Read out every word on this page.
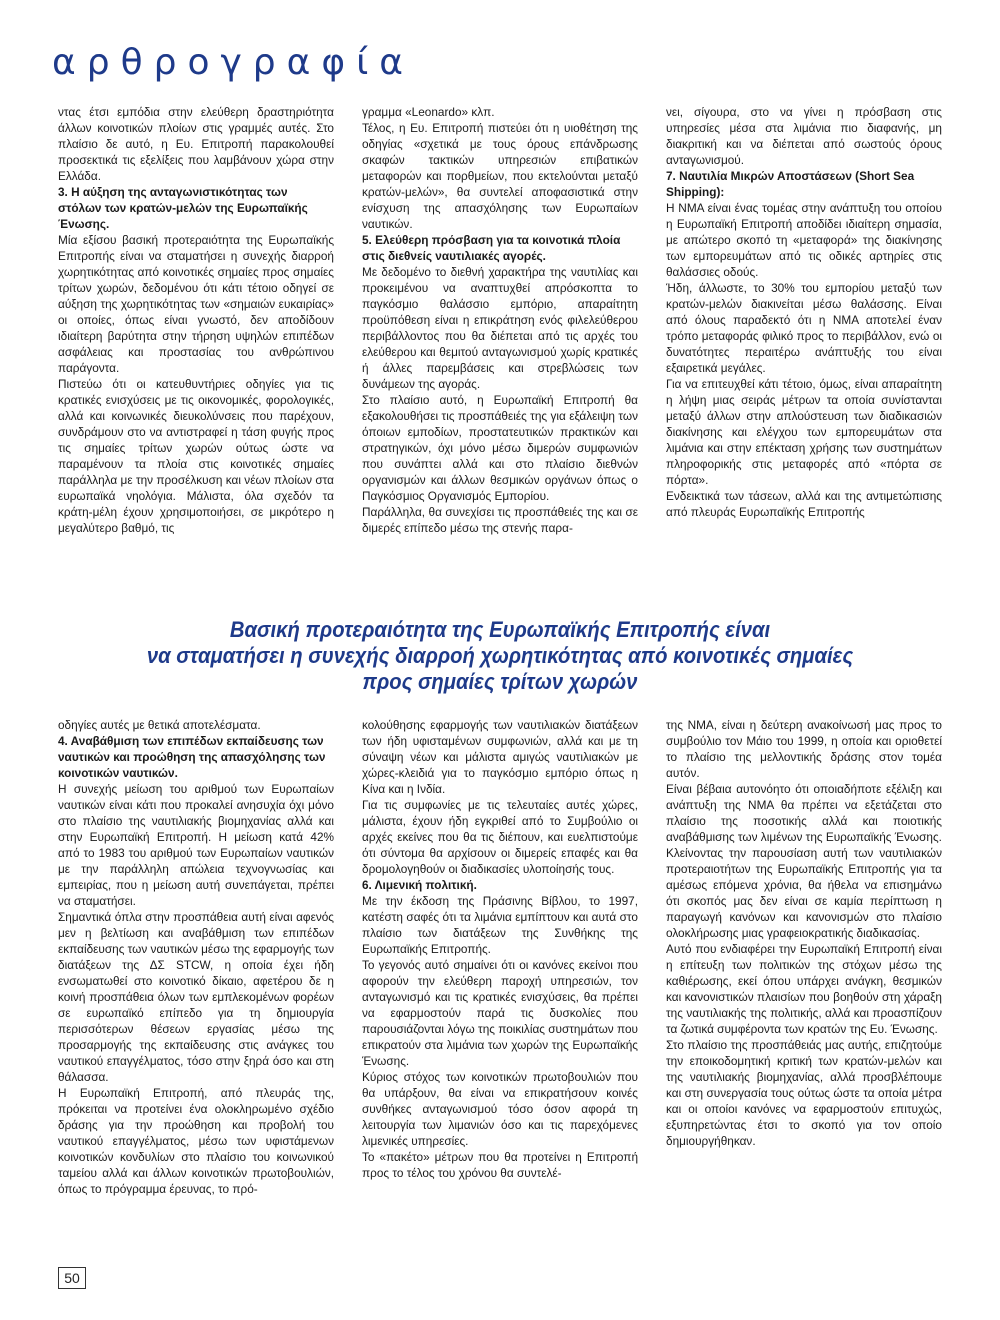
αρθρογραφία

ντας έτσι εμπόδια στην ελεύθερη δραστηριότητα άλλων κοινοτικών πλοίων στις γραμμές αυτές. Στο πλαίσιο δε αυτό, η Ευ. Επιτροπή παρακολουθεί προσεκτικά τις εξελίξεις που λαμβάνουν χώρα στην Ελλάδα.

3. Η αύξηση της ανταγωνιστικότητας των στόλων των κρατών-μελών της Ευρωπαϊκής Ένωσης.

Μία εξίσου βασική προτεραιότητα της Ευρωπαϊκής Επιτροπής είναι να σταματήσει η συνεχής διαρροή χωρητικότητας από κοινοτικές σημαίες προς σημαίες τρίτων χωρών, δεδομένου ότι κάτι τέτοιο οδηγεί σε αύξηση της χωρητικότητας των «σημαιών ευκαιρίας» οι οποίες, όπως είναι γνωστό, δεν αποδίδουν ιδιαίτερη βαρύτητα στην τήρηση υψηλών επιπέδων ασφάλειας και προστασίας του ανθρώπινου παράγοντα.

Πιστεύω ότι οι κατευθυντήριες οδηγίες για τις κρατικές ενισχύσεις με τις οικονομικές, φορολογικές, αλλά και κοινωνικές διευκολύνσεις που παρέχουν, συνδράμουν στο να αντιστραφεί η τάση φυγής προς τις σημαίες τρίτων χωρών ούτως ώστε να παραμένουν τα πλοία στις κοινοτικές σημαίες παράλληλα με την προσέλκυση και νέων πλοίων στα ευρωπαϊκά νηολόγια. Μάλιστα, όλα σχεδόν τα κράτη-μέλη έχουν χρησιμοποιήσει, σε μικρότερο η μεγαλύτερο βαθμό, τις

γραμμα «Leonardo» κλπ.

Τέλος, η Ευ. Επιτροπή πιστεύει ότι η υιοθέτηση της οδηγίας «σχετικά με τους όρους επάνδρωσης σκαφών τακτικών υπηρεσιών επιβατικών μεταφορών και πορθμείων, που εκτελούνται μεταξύ κρατών-μελών», θα συντελεί αποφασιστικά στην ενίσχυση της απασχόλησης των Ευρωπαίων ναυτικών.

5. Ελεύθερη πρόσβαση για τα κοινοτικά πλοία στις διεθνείς ναυτιλιακές αγορές.

Με δεδομένο το διεθνή χαρακτήρα της ναυτιλίας και προκειμένου να αναπτυχθεί απρόσκοπτα το παγκόσμιο θαλάσσιο εμπόριο, απαραίτητη προϋπόθεση είναι η επικράτηση ενός φιλελεύθερου περιβάλλοντος που θα διέπεται από τις αρχές του ελεύθερου και θεμιτού ανταγωνισμού χωρίς κρατικές ή άλλες παρεμβάσεις και στρεβλώσεις των δυνάμεων της αγοράς.

Στο πλαίσιο αυτό, η Ευρωπαϊκή Επιτροπή θα εξακολουθήσει τις προσπάθειές της για εξάλειψη των όποιων εμποδίων, προστατευτικών πρακτικών και στρατηγικών, όχι μόνο μέσω διμερών συμφωνιών που συνάπτει αλλά και στο πλαίσιο διεθνών οργανισμών και άλλων θεσμικών οργάνων όπως ο Παγκόσμιος Οργανισμός Εμπορίου.

Παράλληλα, θα συνεχίσει τις προσπάθειές της και σε διμερές επίπεδο μέσω της στενής παρα-

νει, σίγουρα, στο να γίνει η πρόσβαση στις υπηρεσίες μέσα στα λιμάνια πιο διαφανής, μη διακριτική και να διέπεται από σωστούς όρους ανταγωνισμού.

7. Ναυτιλία Μικρών Αποστάσεων (Short Sea Shipping):

Η ΝΜΑ είναι ένας τομέας στην ανάπτυξη του οποίου η Ευρωπαϊκή Επιτροπή αποδίδει ιδιαίτερη σημασία, με απώτερο σκοπό τη «μεταφορά» της διακίνησης των εμπορευμάτων από τις οδικές αρτηρίες στις θαλάσσιες οδούς.

Ήδη, άλλωστε, το 30% του εμπορίου μεταξύ των κρατών-μελών διακινείται μέσω θαλάσσης. Είναι από όλους παραδεκτό ότι η ΝΜΑ αποτελεί έναν τρόπο μεταφοράς φιλικό προς το περιβάλλον, ενώ οι δυνατότητες περαιτέρω ανάπτυξής του είναι εξαιρετικά μεγάλες.

Για να επιτευχθεί κάτι τέτοιο, όμως, είναι απαραίτητη η λήψη μιας σειράς μέτρων τα οποία συνίστανται μεταξύ άλλων στην απλούστευση των διαδικασιών διακίνησης και ελέγχου των εμπορευμάτων στα λιμάνια και στην επέκταση χρήσης των συστημάτων πληροφορικής στις μεταφορές από «πόρτα σε πόρτα».

Ενδεικτικά των τάσεων, αλλά και της αντιμετώπισης από πλευράς Ευρωπαϊκής Επιτροπής

Βασική προτεραιότητα της Ευρωπαϊκής Επιτροπής είναι
να σταματήσει η συνεχής διαρροή χωρητικότητας από κοινοτικές σημαίες
προς σημαίες τρίτων χωρών

οδηγίες αυτές με θετικά αποτελέσματα.

4. Αναβάθμιση των επιπέδων εκπαίδευσης των ναυτικών και προώθηση της απασχόλησης των κοινοτικών ναυτικών.

Η συνεχής μείωση του αριθμού των Ευρωπαίων ναυτικών είναι κάτι που προκαλεί ανησυχία όχι μόνο στο πλαίσιο της ναυτιλιακής βιομηχανίας αλλά και στην Ευρωπαϊκή Επιτροπή. Η μείωση κατά 42% από το 1983 του αριθμού των Ευρωπαίων ναυτικών με την παράλληλη απώλεια τεχνογνωσίας και εμπειρίας, που η μείωση αυτή συνεπάγεται, πρέπει να σταματήσει.

Σημαντικά όπλα στην προσπάθεια αυτή είναι αφενός μεν η βελτίωση και αναβάθμιση των επιπέδων εκπαίδευσης των ναυτικών μέσω της εφαρμογής των διατάξεων της ΔΣ STCW, η οποία έχει ήδη ενσωματωθεί στο κοινοτικό δίκαιο, αφετέρου δε η κοινή προσπάθεια όλων των εμπλεκομένων φορέων σε ευρωπαϊκό επίπεδο για τη δημιουργία περισσότερων θέσεων εργασίας μέσω της προσαρμογής της εκπαίδευσης στις ανάγκες του ναυτικού επαγγέλματος, τόσο στην ξηρά όσο και στη θάλασσα.

Η Ευρωπαϊκή Επιτροπή, από πλευράς της, πρόκειται να προτείνει ένα ολοκληρωμένο σχέδιο δράσης για την προώθηση και προβολή του ναυτικού επαγγέλματος, μέσω των υφιστάμενων κοινοτικών κονδυλίων στο πλαίσιο του κοινωνικού ταμείου αλλά και άλλων κοινοτικών πρωτοβουλιών, όπως το πρόγραμμα έρευνας, το πρό-

κολούθησης εφαρμογής των ναυτιλιακών διατάξεων των ήδη υφισταμένων συμφωνιών, αλλά και με τη σύναψη νέων και μάλιστα αμιγώς ναυτιλιακών με χώρες-κλειδιά για το παγκόσμιο εμπόριο όπως η Κίνα και η Ινδία.

Για τις συμφωνίες με τις τελευταίες αυτές χώρες, μάλιστα, έχουν ήδη εγκριθεί από το Συμβούλιο οι αρχές εκείνες που θα τις διέπουν, και ευελπιστούμε ότι σύντομα θα αρχίσουν οι διμερείς επαφές και θα δρομολογηθούν οι διαδικασίες υλοποίησής τους.

6. Λιμενική πολιτική.

Με την έκδοση της Πράσινης Βίβλου, το 1997, κατέστη σαφές ότι τα λιμάνια εμπίπτουν και αυτά στο πλαίσιο των διατάξεων της Συνθήκης της Ευρωπαϊκής Επιτροπής.

Το γεγονός αυτό σημαίνει ότι οι κανόνες εκείνοι που αφορούν την ελεύθερη παροχή υπηρεσιών, τον ανταγωνισμό και τις κρατικές ενισχύσεις, θα πρέπει να εφαρμοστούν παρά τις δυσκολίες που παρουσιάζονται λόγω της ποικιλίας συστημάτων που επικρατούν στα λιμάνια των χωρών της Ευρωπαϊκής Ένωσης.

Κύριος στόχος των κοινοτικών πρωτοβουλιών που θα υπάρξουν, θα είναι να επικρατήσουν κοινές συνθήκες ανταγωνισμού τόσο όσον αφορά τη λειτουργία των λιμανιών όσο και τις παρεχόμενες λιμενικές υπηρεσίες.

Το «πακέτο» μέτρων που θα προτείνει η Επιτροπή προς το τέλος του χρόνου θα συντελέ-

της ΝΜΑ, είναι η δεύτερη ανακοίνωσή μας προς το συμβούλιο τον Μάιο του 1999, η οποία και οριοθετεί το πλαίσιο της μελλοντικής δράσης στον τομέα αυτόν.

Είναι βέβαια αυτονόητο ότι οποιαδήποτε εξέλιξη και ανάπτυξη της ΝΜΑ θα πρέπει να εξετάζεται στο πλαίσιο της ποσοτικής αλλά και ποιοτικής αναβάθμισης των λιμένων της Ευρωπαϊκής Ένωσης.

Κλείνοντας την παρουσίαση αυτή των ναυτιλιακών προτεραιοτήτων της Ευρωπαϊκής Επιτροπής για τα αμέσως επόμενα χρόνια, θα ήθελα να επισημάνω ότι σκοπός μας δεν είναι σε καμία περίπτωση η παραγωγή κανόνων και κανονισμών στο πλαίσιο ολοκλήρωσης μιας γραφειοκρατικής διαδικασίας.

Αυτό που ενδιαφέρει την Ευρωπαϊκή Επιτροπή είναι η επίτευξη των πολιτικών της στόχων μέσω της καθιέρωσης, εκεί όπου υπάρχει ανάγκη, θεσμικών και κανονιστικών πλαισίων που βοηθούν στη χάραξη της ναυτιλιακής της πολιτικής, αλλά και προασπίζουν τα ζωτικά συμφέροντα των κρατών της Ευ. Ένωσης.

Στο πλαίσιο της προσπάθειάς μας αυτής, επιζητούμε την εποικοδομητική κριτική των κρατών-μελών και της ναυτιλιακής βιομηχανίας, αλλά προσβλέπουμε και στη συνεργασία τους ούτως ώστε τα οποία μέτρα και οι οποίοι κανόνες να εφαρμοστούν επιτυχώς, εξυπηρετώντας έτσι το σκοπό για τον οποίο δημιουργήθηκαν.

50
